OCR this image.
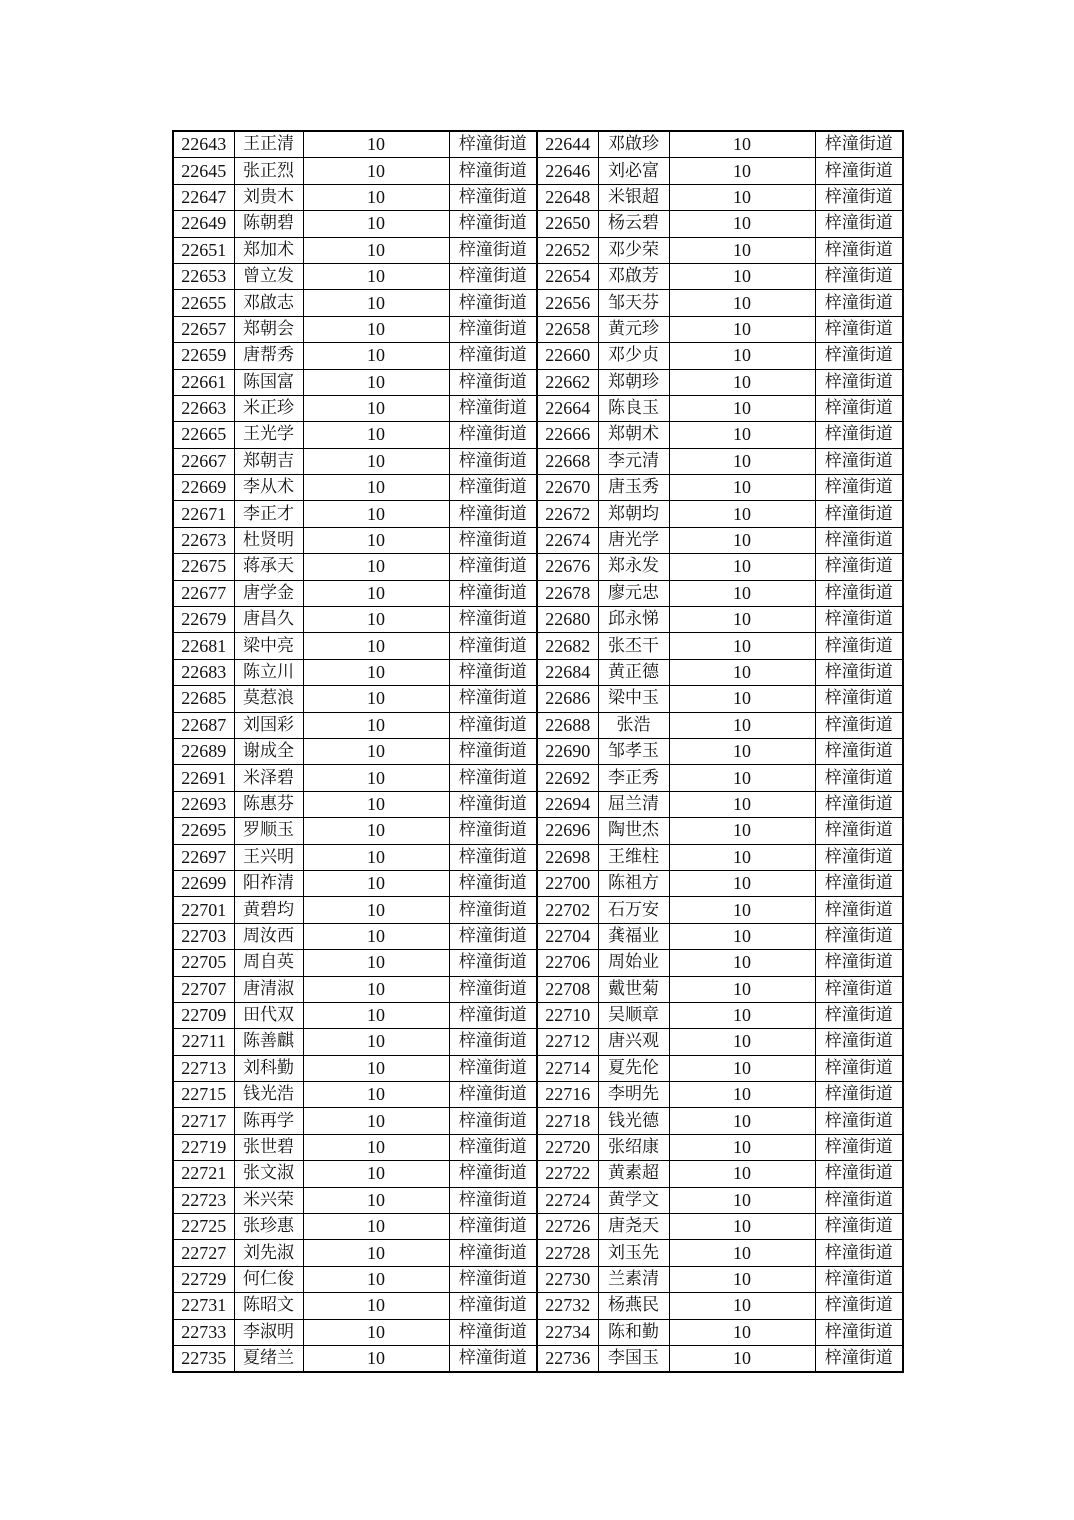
22643	王正清	10	梓潼街道	22644	邓啟珍	10	梓潼街道
22645	张正烈	10	梓潼街道	22646	刘必富	10	梓潼街道
22647	刘贵木	10	梓潼街道	22648	米银超	10	梓潼街道
22649	陈朝碧	10	梓潼街道	22650	杨云碧	10	梓潼街道
22651	郑加术	10	梓潼街道	22652	邓少荣	10	梓潼街道
22653	曾立发	10	梓潼街道	22654	邓啟芳	10	梓潼街道
22655	邓啟志	10	梓潼街道	22656	邹天芬	10	梓潼街道
22657	郑朝会	10	梓潼街道	22658	黄元珍	10	梓潼街道
22659	唐帮秀	10	梓潼街道	22660	邓少贞	10	梓潼街道
22661	陈国富	10	梓潼街道	22662	郑朝珍	10	梓潼街道
22663	米正珍	10	梓潼街道	22664	陈良玉	10	梓潼街道
22665	王光学	10	梓潼街道	22666	郑朝术	10	梓潼街道
22667	郑朝吉	10	梓潼街道	22668	李元清	10	梓潼街道
22669	李从术	10	梓潼街道	22670	唐玉秀	10	梓潼街道
22671	李正才	10	梓潼街道	22672	郑朝均	10	梓潼街道
22673	杜贤明	10	梓潼街道	22674	唐光学	10	梓潼街道
22675	蒋承天	10	梓潼街道	22676	郑永发	10	梓潼街道
22677	唐学金	10	梓潼街道	22678	廖元忠	10	梓潼街道
22679	唐昌久	10	梓潼街道	22680	邱永悌	10	梓潼街道
22681	梁中亮	10	梓潼街道	22682	张丕干	10	梓潼街道
22683	陈立川	10	梓潼街道	22684	黄正德	10	梓潼街道
22685	莫惹浪	10	梓潼街道	22686	梁中玉	10	梓潼街道
22687	刘国彩	10	梓潼街道	22688	张浩	10	梓潼街道
22689	谢成全	10	梓潼街道	22690	邹孝玉	10	梓潼街道
22691	米泽碧	10	梓潼街道	22692	李正秀	10	梓潼街道
22693	陈惠芬	10	梓潼街道	22694	屈兰清	10	梓潼街道
22695	罗顺玉	10	梓潼街道	22696	陶世杰	10	梓潼街道
22697	王兴明	10	梓潼街道	22698	王维柱	10	梓潼街道
22699	阳祚清	10	梓潼街道	22700	陈祖方	10	梓潼街道
22701	黄碧均	10	梓潼街道	22702	石万安	10	梓潼街道
22703	周汝西	10	梓潼街道	22704	龚福业	10	梓潼街道
22705	周自英	10	梓潼街道	22706	周始业	10	梓潼街道
22707	唐清淑	10	梓潼街道	22708	戴世菊	10	梓潼街道
22709	田代双	10	梓潼街道	22710	吴顺章	10	梓潼街道
22711	陈善麒	10	梓潼街道	22712	唐兴观	10	梓潼街道
22713	刘科勤	10	梓潼街道	22714	夏先伦	10	梓潼街道
22715	钱光浩	10	梓潼街道	22716	李明先	10	梓潼街道
22717	陈再学	10	梓潼街道	22718	钱光德	10	梓潼街道
22719	张世碧	10	梓潼街道	22720	张绍康	10	梓潼街道
22721	张文淑	10	梓潼街道	22722	黄素超	10	梓潼街道
22723	米兴荣	10	梓潼街道	22724	黄学文	10	梓潼街道
22725	张珍惠	10	梓潼街道	22726	唐尧天	10	梓潼街道
22727	刘先淑	10	梓潼街道	22728	刘玉先	10	梓潼街道
22729	何仁俊	10	梓潼街道	22730	兰素清	10	梓潼街道
22731	陈昭文	10	梓潼街道	22732	杨燕民	10	梓潼街道
22733	李淑明	10	梓潼街道	22734	陈和勤	10	梓潼街道
22735	夏绪兰	10	梓潼街道	22736	李国玉	10	梓潼街道
